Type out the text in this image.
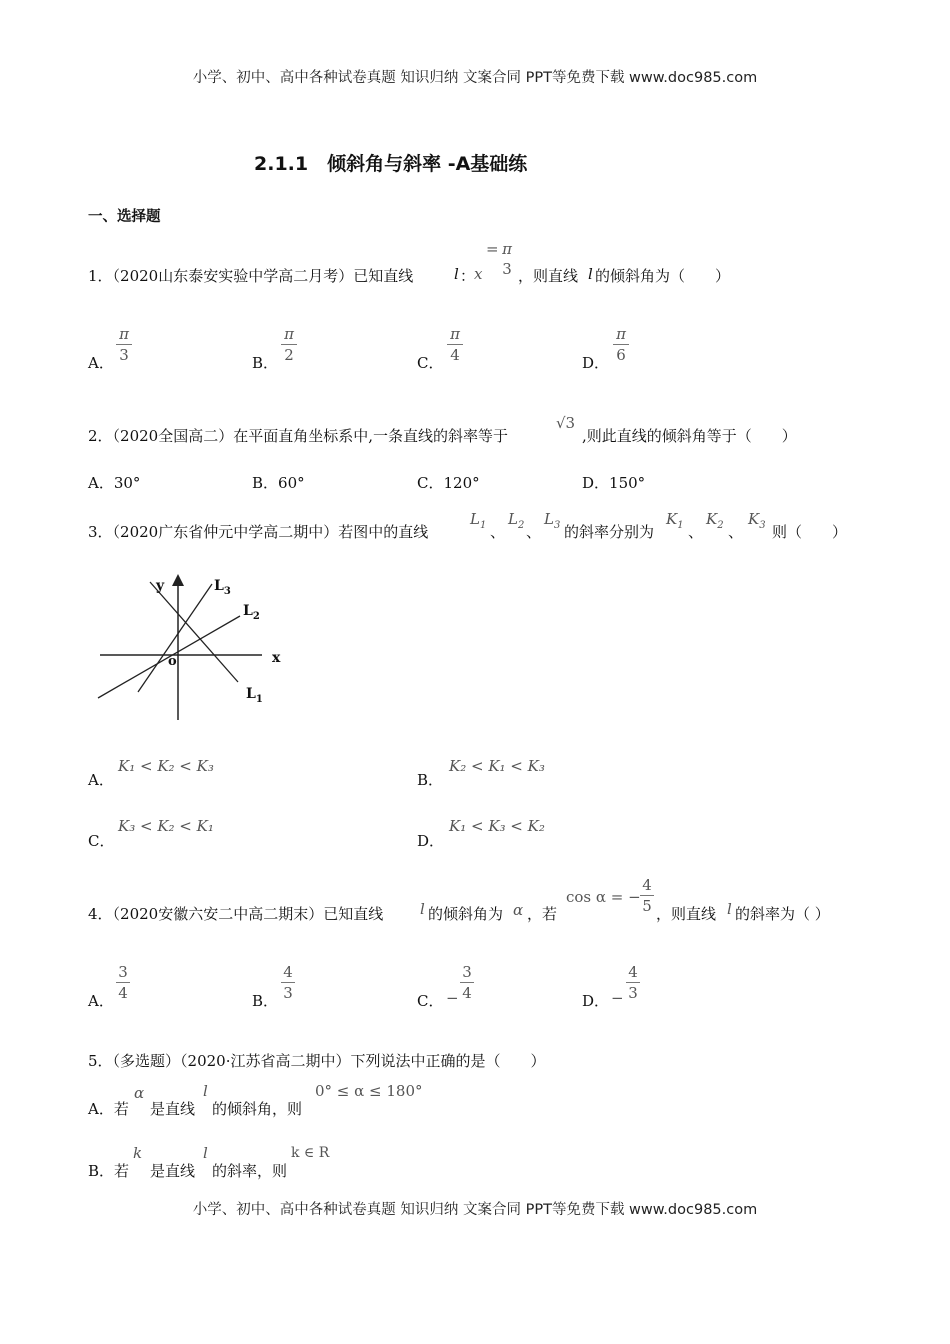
小学、初中、高中各种试卷真题 知识归纳 文案合同 PPT等免费下载 www.doc985.com
小学、初中、高中各种试卷真题 知识归纳 文案合同 PPT等免费下载 www.doc985.com
2.1.1　倾斜角与斜率 -A基础练
一、选择题
1．（2020山东泰安实验中学高二月考）已知直线	l ：
x
= π
3 ，则直线 l 的倾斜角为（　　）
A．
π
3	B．
π
2	C．
π
4	D．
π
6
2．（2020全国高二）在平面直角坐标系中,一条直线的斜率等于
√3
,则此直线的倾斜角等于（　　）
A．30°	B．60°	C．120°	D．150°
3．（2020广东省仲元中学高二期中）若图中的直线
$L_1$ 、
$L_2$ 、
$L_3$ 的斜率分别为
$K_1$ 、
$K_2$ 、
$K_3$ 则（　　）
y
x
o
$L_3$
$L_2$
$L_1$
A．
K₁ < K₂ < K₃
B．
K₂ < K₁ < K₃
C．
K₃ < K₂ < K₁
D．
K₁ < K₃ < K₂
4．（2020安徽六安二中高二期末）已知直线 l 的倾斜角为 α ，若
cos α = −
4
5 ，则直线 l 的斜率为（ ）
A．
3
4	B．
4
3	C． −
3
4	D． −
4
3
5．（多选题）（2020·江苏省高二期中）下列说法中正确的是（　　）
A．若
α
是直线
l
的倾斜角，则
0° ≤ α ≤ 180°
B．若
k
是直线
l
的斜率，则
k ∈ R
